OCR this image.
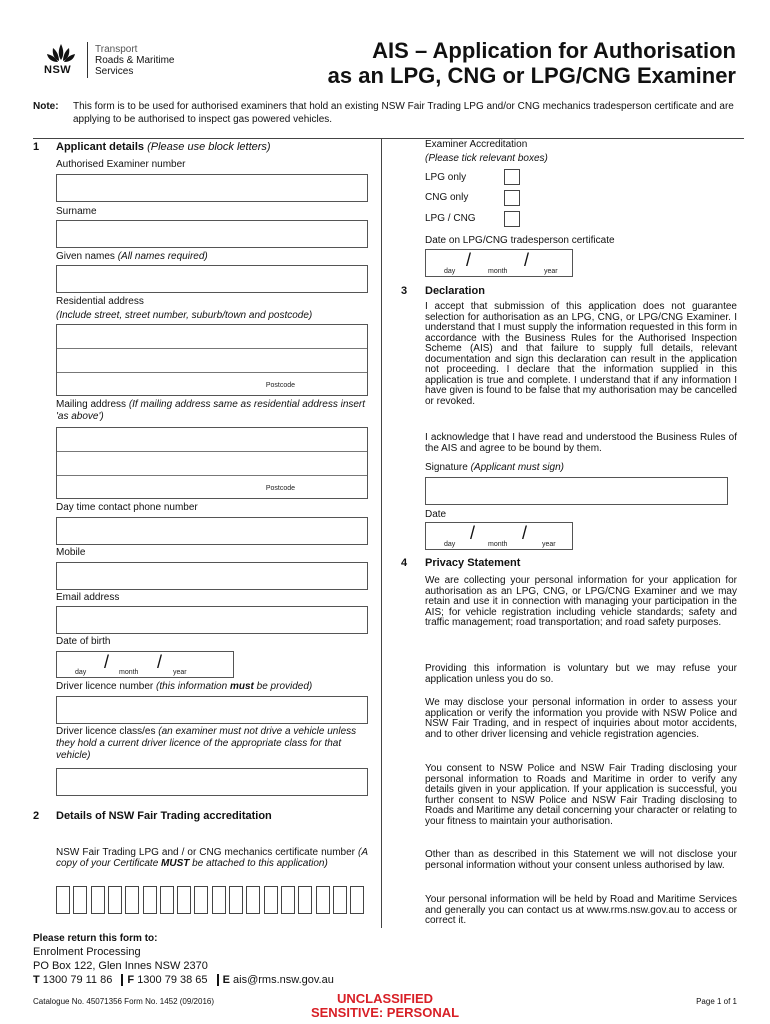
NSW
Transport
Roads & Maritime
Services
AIS – Application for Authorisation
as an LPG, CNG or LPG/CNG Examiner
Note: This form is to be used for authorised examiners that hold an existing NSW Fair Trading LPG and/or CNG mechanics tradesperson certificate and are applying to be authorised to inspect gas powered vehicles.
1 Applicant details (Please use block letters)
Authorised Examiner number
Surname
Given names (All names required)
Residential address
(Include street, street number, suburb/town and postcode)
Postcode
Mailing address (If mailing address same as residential address insert 'as above')
Postcode
Day time contact phone number
Mobile
Email address
Date of birth
/	/
day	month	year
Driver licence number (this information must be provided)
Driver licence class/es (an examiner must not drive a vehicle unless they hold a current driver licence of the appropriate class for that vehicle)
2 Details of NSW Fair Trading accreditation
NSW Fair Trading LPG and / or CNG mechanics certificate number (A copy of your Certificate MUST be attached to this application)
Examiner Accreditation
(Please tick relevant boxes)
LPG only
CNG only
LPG / CNG
Date on LPG/CNG tradesperson certificate
/	/
day	month	year
3 Declaration
I accept that submission of this application does not guarantee selection for authorisation as an LPG, CNG, or LPG/CNG Examiner. I understand that I must supply the information requested in this form in accordance with the Business Rules for the Authorised Inspection Scheme (AIS) and that failure to supply full details, relevant documentation and sign this declaration can result in the application not proceeding. I declare that the information supplied in this application is true and complete. I understand that if any information I have given is found to be false that my authorisation may be cancelled or revoked.
I acknowledge that I have read and understood the Business Rules of the AIS and agree to be bound by them.
Signature (Applicant must sign)
Date
/	/
day	month	year
4 Privacy Statement
We are collecting your personal information for your application for authorisation as an LPG, CNG, or LPG/CNG Examiner and we may retain and use it in connection with managing your participation in the AIS; for vehicle registration including vehicle standards; safety and traffic management; road transportation; and road safety purposes.
Providing this information is voluntary but we may refuse your application unless you do so.
We may disclose your personal information in order to assess your application or verify the information you provide with NSW Police and NSW Fair Trading, and in respect of inquiries about motor accidents, and to other driver licensing and vehicle registration agencies.
You consent to NSW Police and NSW Fair Trading disclosing your personal information to Roads and Maritime in order to verify any details given in your application. If your application is successful, you further consent to NSW Police and NSW Fair Trading disclosing to Roads and Maritime any detail concerning your character or relating to your fitness to maintain your authorisation.
Other than as described in this Statement we will not disclose your personal information without your consent unless authorised by law.
Your personal information will be held by Road and Maritime Services and generally you can contact us at www.rms.nsw.gov.au to access or correct it.
Please return this form to:
Enrolment Processing
PO Box 122, Glen Innes NSW 2370
T 1300 79 11 86 F 1300 79 38 65 E ais@rms.nsw.gov.au
Catalogue No. 45071356 Form No. 1452 (09/2016)	UNCLASSIFIED
SENSITIVE: PERSONAL
Page 1 of 1
